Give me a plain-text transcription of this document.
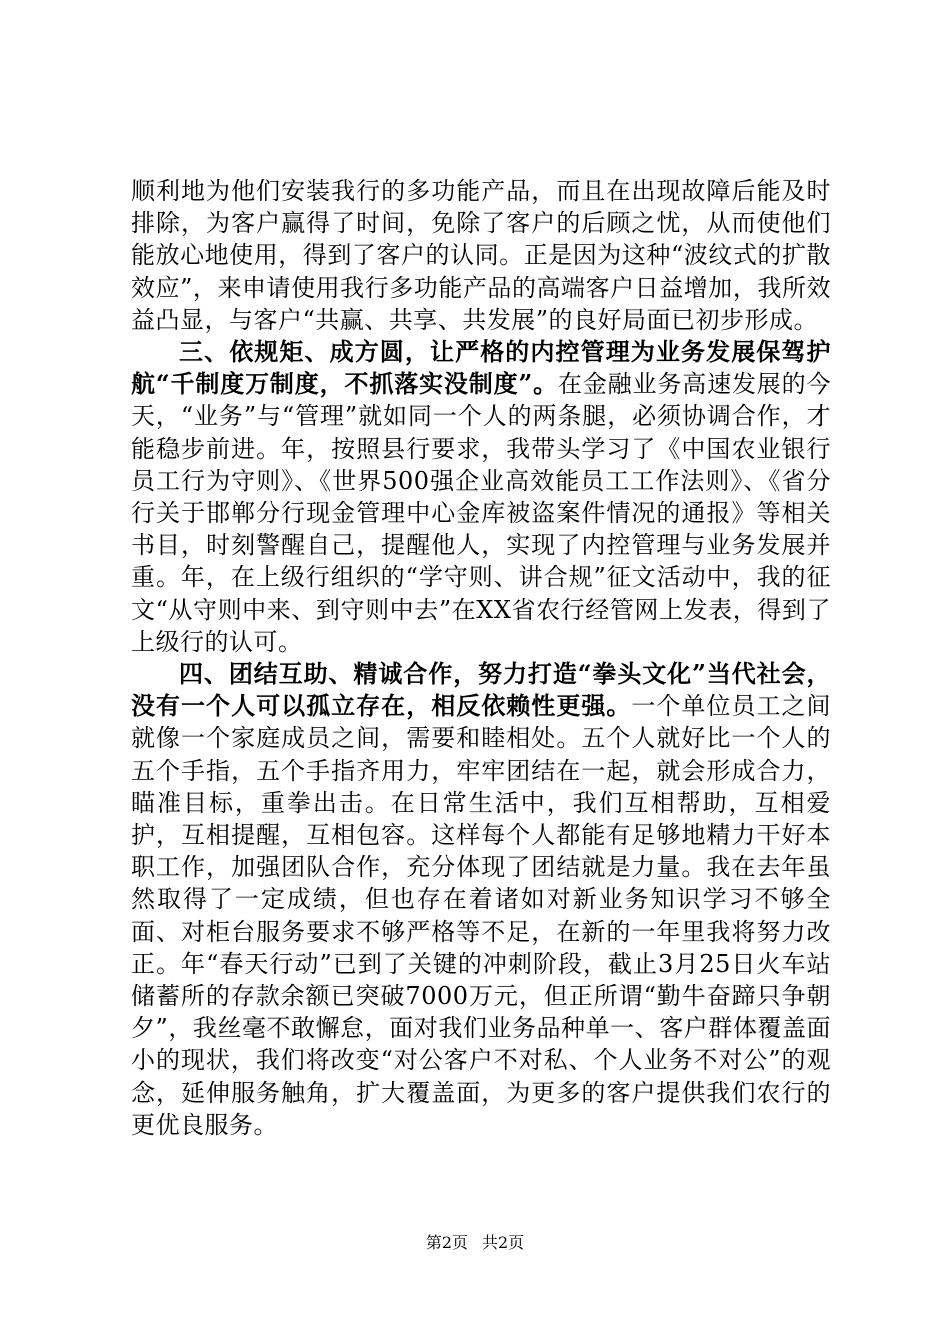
顺利地为他们安装我行的多功能产品，而且在出现故障后能及时排除，为客户赢得了时间，免除了客户的后顾之忧，从而使他们能放心地使用，得到了客户的认同。正是因为这种“波纹式的扩散效应”，来申请使用我行多功能产品的高端客户日益增加，我所效益凸显，与客户“共赢、共享、共发展”的良好局面已初步形成。

三、依规矩、成方圆，让严格的内控管理为业务发展保驾护航“千制度万制度，不抓落实没制度”。在金融业务高速发展的今天，“业务”与“管理”就如同一个人的两条腿，必须协调合作，才能稳步前进。年，按照县行要求，我带头学习了《中国农业银行员工行为守则》、《世界500强企业高效能员工工作法则》、《省分行关于邯郸分行现金管理中心金库被盗案件情况的通报》等相关书目，时刻警醒自己，提醒他人，实现了内控管理与业务发展并重。年，在上级行组织的“学守则、讲合规”征文活动中，我的征文“从守则中来、到守则中去”在XX省农行经管网上发表，得到了上级行的认可。

四、团结互助、精诚合作，努力打造“拳头文化”当代社会，没有一个人可以孤立存在，相反依赖性更强。一个单位员工之间就像一个家庭成员之间，需要和睦相处。五个人就好比一个人的五个手指，五个手指齐用力，牢牢团结在一起，就会形成合力，瞄准目标，重拳出击。在日常生活中，我们互相帮助，互相爱护，互相提醒，互相包容。这样每个人都能有足够地精力干好本职工作，加强团队合作，充分体现了团结就是力量。我在去年虽然取得了一定成绩，但也存在着诸如对新业务知识学习不够全面、对柜台服务要求不够严格等不足，在新的一年里我将努力改正。年“春天行动”已到了关键的冲刺阶段，截止3月25日火车站储蓄所的存款余额已突破7000万元，但正所谓“勤牛奋蹄只争朝夕”，我丝毫不敢懈怠，面对我们业务品种单一、客户群体覆盖面小的现状，我们将改变“对公客户不对私、个人业务不对公”的观念，延伸服务触角，扩大覆盖面，为更多的客户提供我们农行的更优良服务。

第2页 共2页
